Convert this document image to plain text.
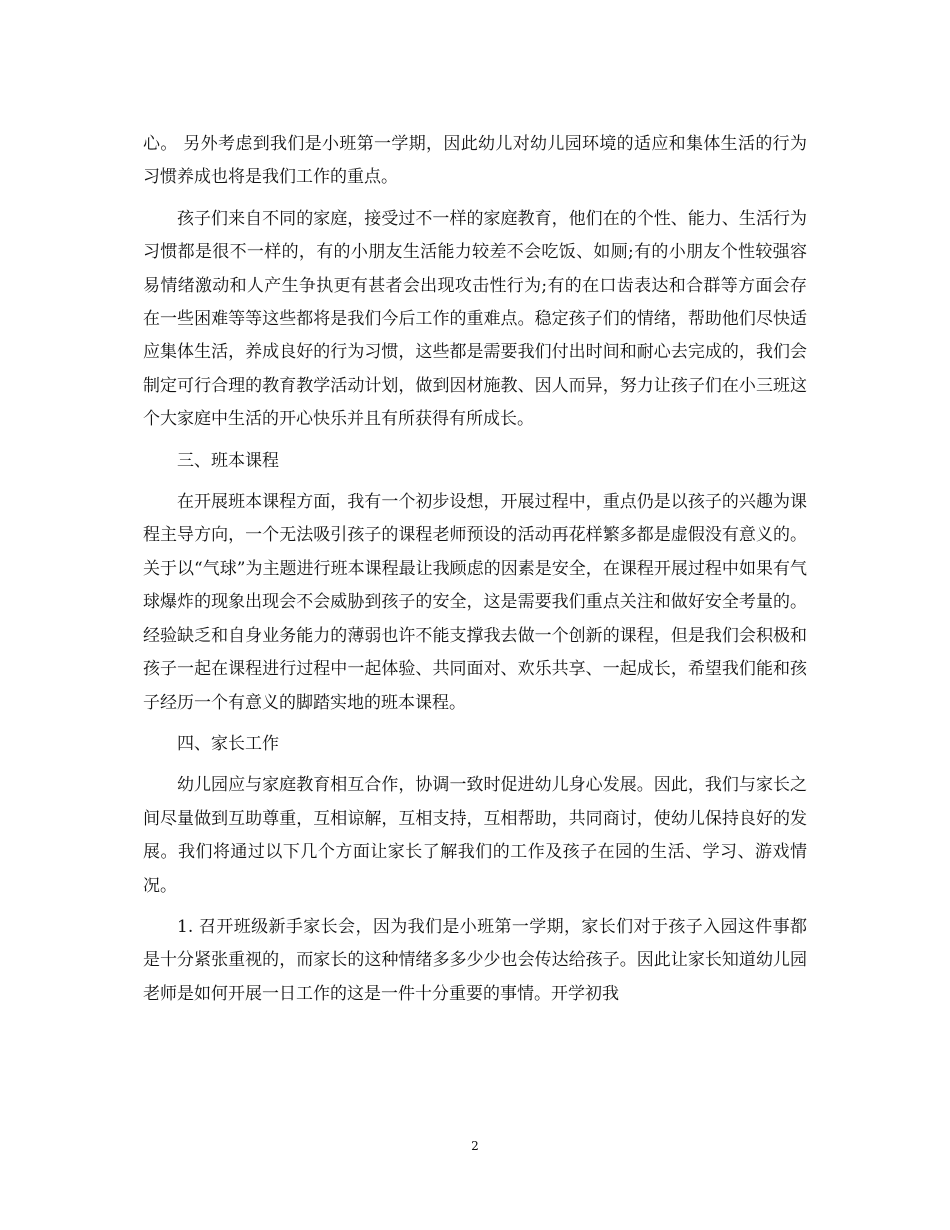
心。 另外考虑到我们是小班第一学期，因此幼儿对幼儿园环境的适应和集体生活的行为习惯养成也将是我们工作的重点。

孩子们来自不同的家庭，接受过不一样的家庭教育，他们在的个性、能力、生活行为习惯都是很不一样的，有的小朋友生活能力较差不会吃饭、如厕;有的小朋友个性较强容易情绪激动和人产生争执更有甚者会出现攻击性行为;有的在口齿表达和合群等方面会存在一些困难等等这些都将是我们今后工作的重难点。稳定孩子们的情绪，帮助他们尽快适应集体生活，养成良好的行为习惯，这些都是需要我们付出时间和耐心去完成的，我们会制定可行合理的教育教学活动计划，做到因材施教、因人而异，努力让孩子们在小三班这个大家庭中生活的开心快乐并且有所获得有所成长。

三、班本课程

在开展班本课程方面，我有一个初步设想，开展过程中，重点仍是以孩子的兴趣为课程主导方向，一个无法吸引孩子的课程老师预设的活动再花样繁多都是虚假没有意义的。关于以“气球”为主题进行班本课程最让我顾虑的因素是安全，在课程开展过程中如果有气球爆炸的现象出现会不会威胁到孩子的安全，这是需要我们重点关注和做好安全考量的。经验缺乏和自身业务能力的薄弱也许不能支撑我去做一个创新的课程，但是我们会积极和孩子一起在课程进行过程中一起体验、共同面对、欢乐共享、一起成长，希望我们能和孩子经历一个有意义的脚踏实地的班本课程。

四、家长工作

幼儿园应与家庭教育相互合作，协调一致时促进幼儿身心发展。因此，我们与家长之间尽量做到互助尊重，互相谅解，互相支持，互相帮助，共同商讨，使幼儿保持良好的发展。我们将通过以下几个方面让家长了解我们的工作及孩子在园的生活、学习、游戏情况。

1. 召开班级新手家长会，因为我们是小班第一学期，家长们对于孩子入园这件事都是十分紧张重视的，而家长的这种情绪多多少少也会传达给孩子。因此让家长知道幼儿园老师是如何开展一日工作的这是一件十分重要的事情。开学初我

2
